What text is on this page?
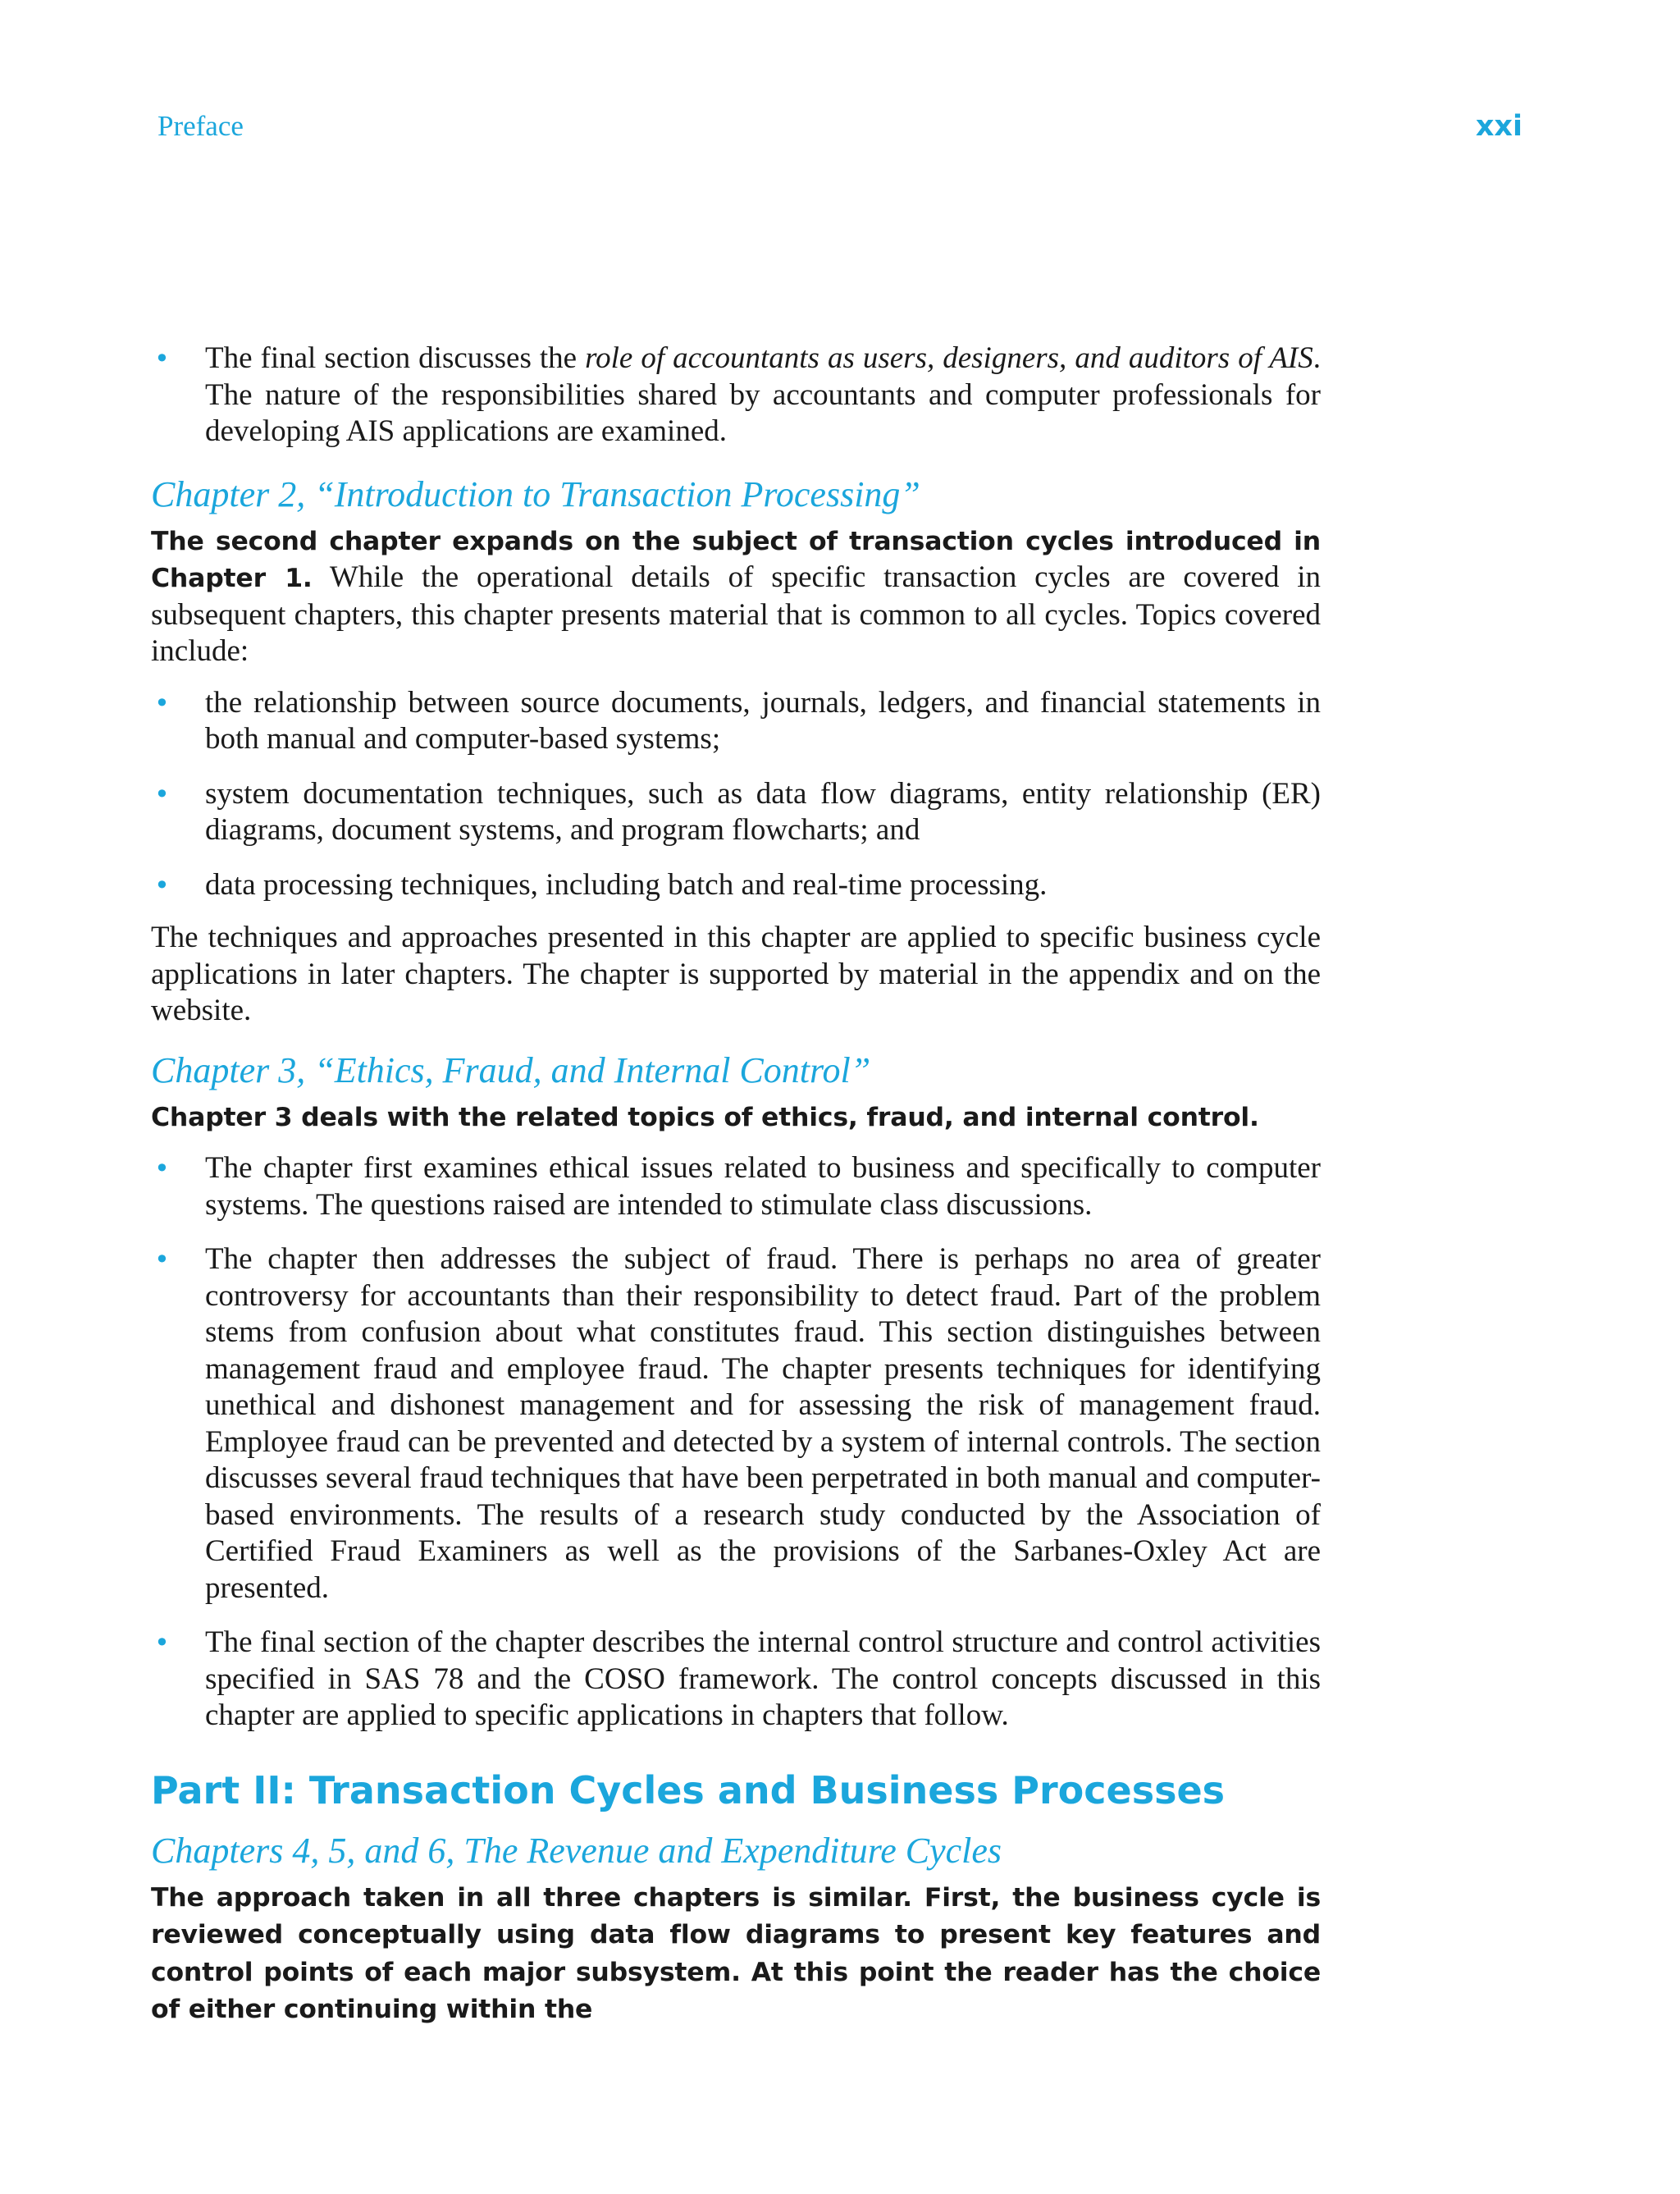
Preface	xxi
• The final section discusses the role of accountants as users, designers, and auditors of AIS. The nature of the responsibilities shared by accountants and computer professionals for developing AIS applications are examined.
Chapter 2, “Introduction to Transaction Processing”

The second chapter expands on the subject of transaction cycles introduced in Chapter 1. While the operational details of specific transaction cycles are covered in subsequent chapters, this chapter presents material that is common to all cycles. Topics covered include:

• the relationship between source documents, journals, ledgers, and financial statements in both manual and computer-based systems;
• system documentation techniques, such as data flow diagrams, entity relationship (ER) diagrams, document systems, and program flowcharts; and
• data processing techniques, including batch and real-time processing.

The techniques and approaches presented in this chapter are applied to specific business cycle applications in later chapters. The chapter is supported by material in the appendix and on the website.

Chapter 3, “Ethics, Fraud, and Internal Control”

Chapter 3 deals with the related topics of ethics, fraud, and internal control.

• The chapter first examines ethical issues related to business and specifically to computer systems. The questions raised are intended to stimulate class discussions.
• The chapter then addresses the subject of fraud. There is perhaps no area of greater controversy for accountants than their responsibility to detect fraud. Part of the problem stems from confusion about what constitutes fraud. This section distinguishes between management fraud and employee fraud. The chapter presents techniques for identifying unethical and dishonest management and for assessing the risk of management fraud. Employee fraud can be prevented and detected by a system of internal controls. The section discusses several fraud techniques that have been perpetrated in both manual and computer-based environments. The results of a research study conducted by the Association of Certified Fraud Examiners as well as the provisions of the Sarbanes-Oxley Act are presented.
• The final section of the chapter describes the internal control structure and control activities specified in SAS 78 and the COSO framework. The control concepts discussed in this chapter are applied to specific applications in chapters that follow.
Part II: Transaction Cycles and Business Processes
Chapters 4, 5, and 6, The Revenue and Expenditure Cycles

The approach taken in all three chapters is similar. First, the business cycle is reviewed conceptually using data flow diagrams to present key features and control points of each major subsystem. At this point the reader has the choice of either continuing within the
